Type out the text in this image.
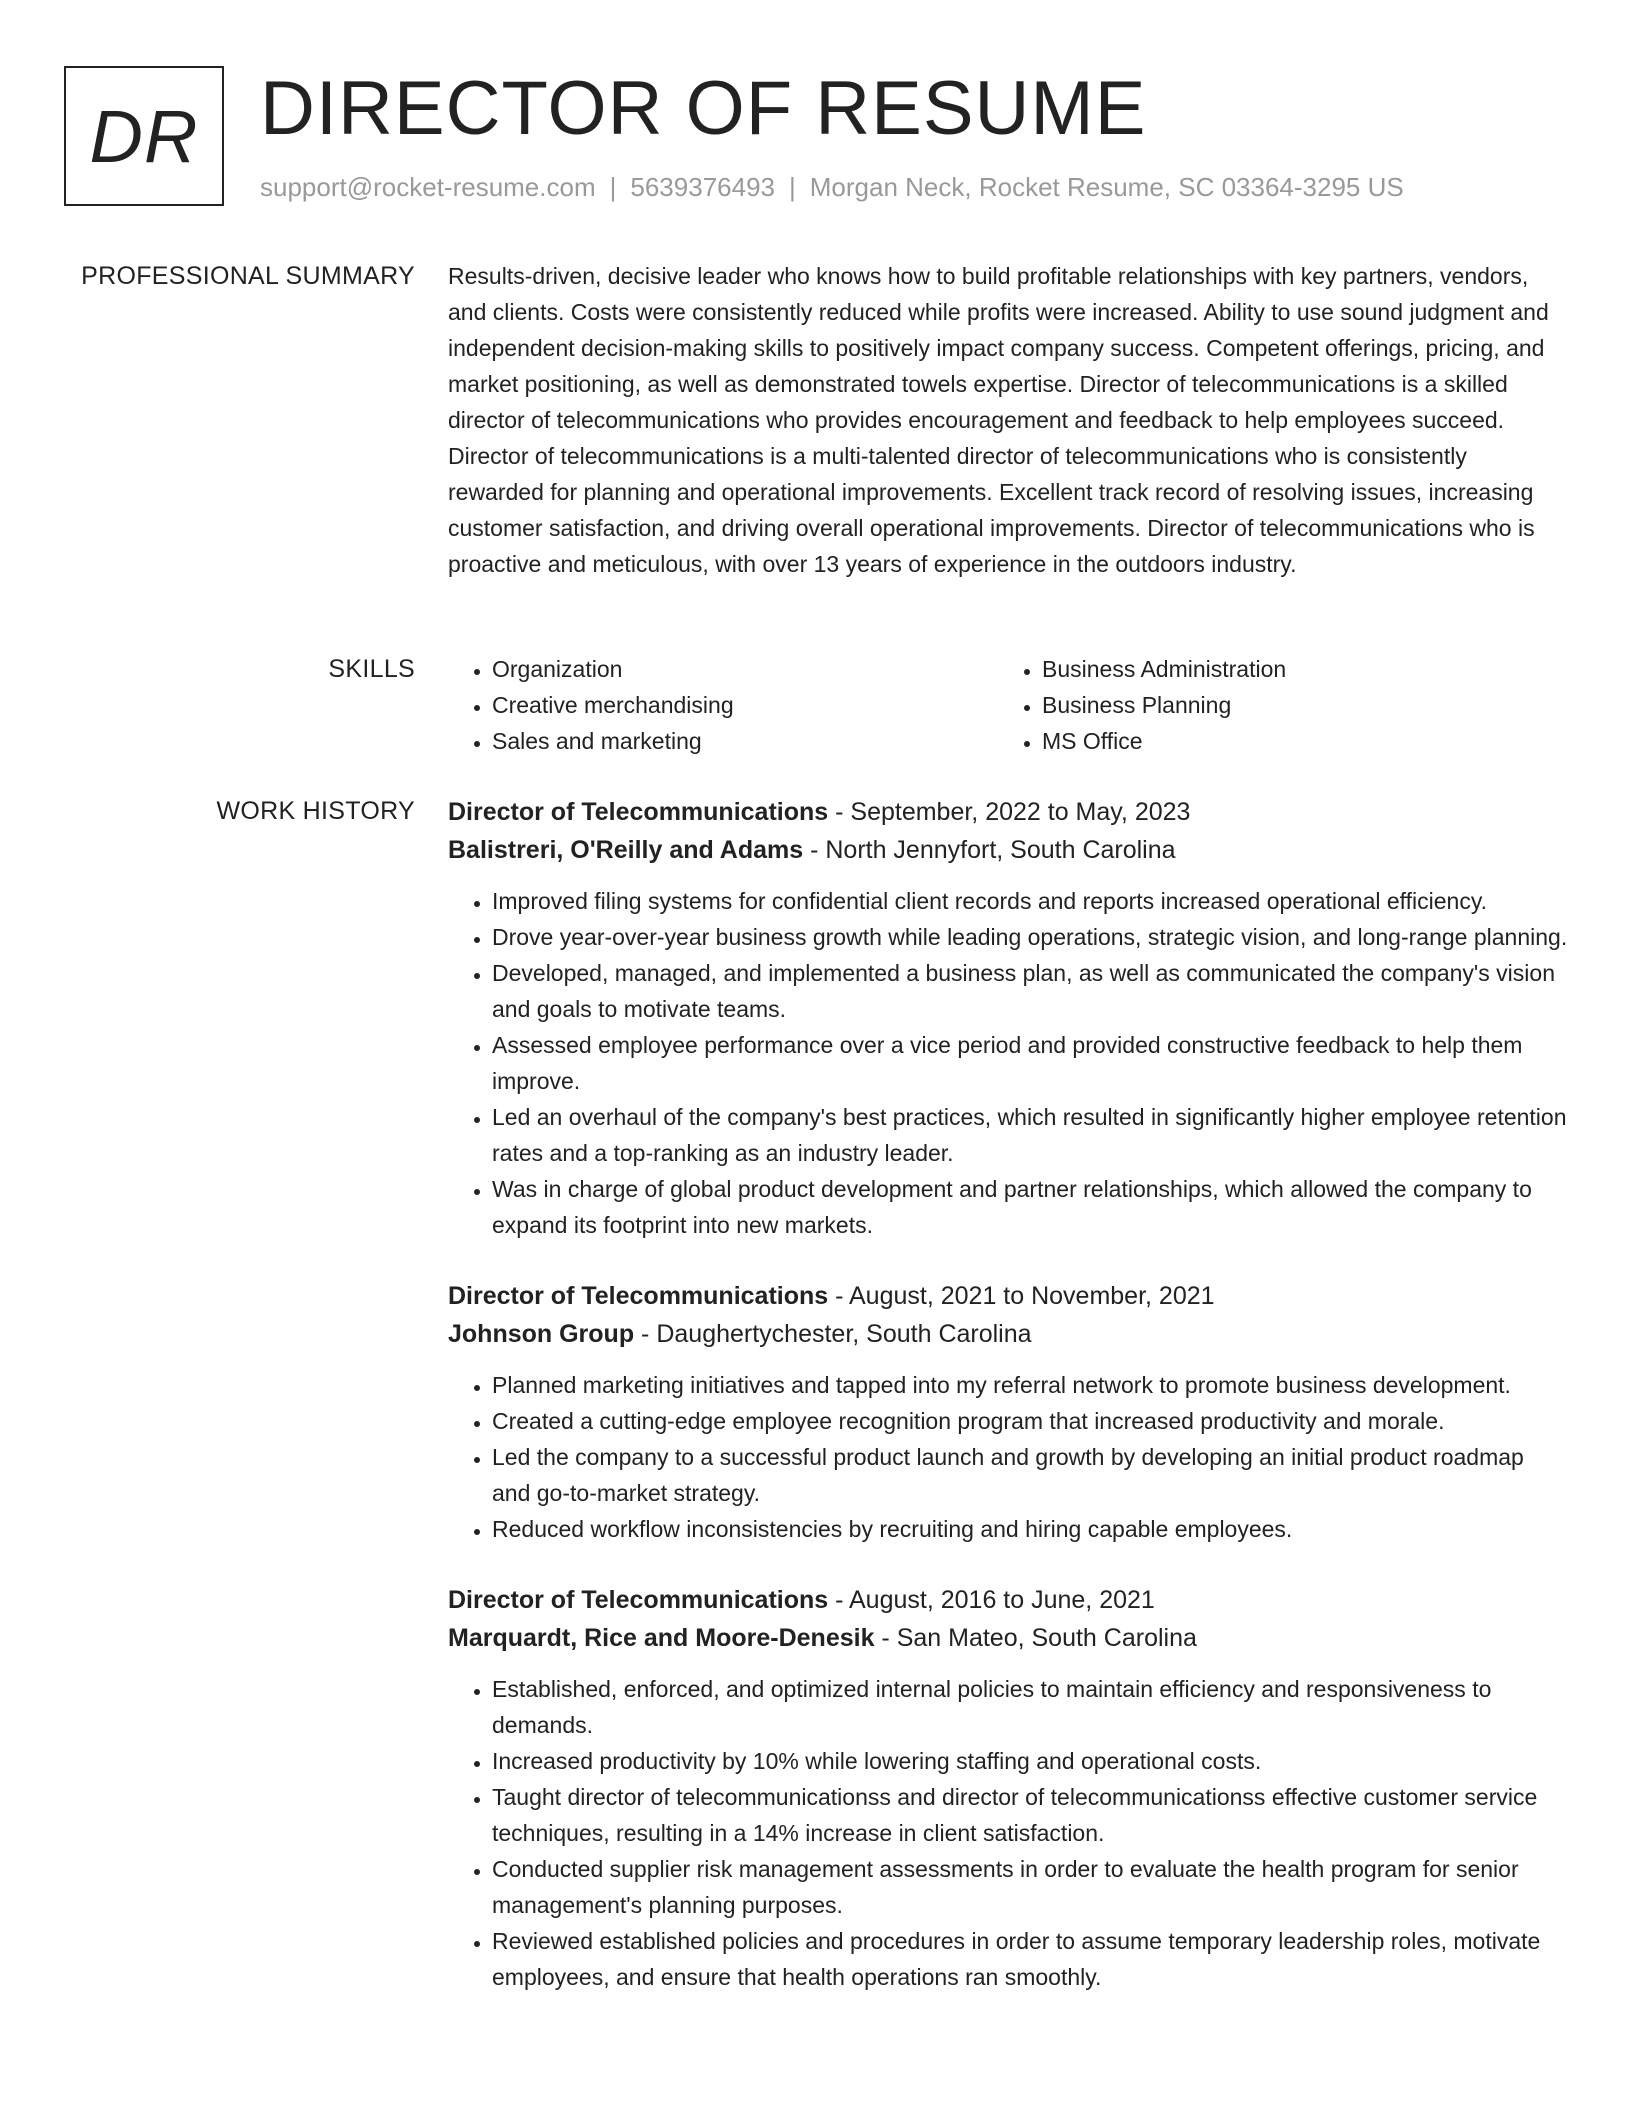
DR DIRECTOR OF RESUME
support@rocket-resume.com | 5639376493 | Morgan Neck, Rocket Resume, SC 03364-3295 US
PROFESSIONAL SUMMARY Results-driven, decisive leader who knows how to build profitable relationships with key partners, vendors, and clients. Costs were consistently reduced while profits were increased. Ability to use sound judgment and independent decision-making skills to positively impact company success. Competent offerings, pricing, and market positioning, as well as demonstrated towels expertise. Director of telecommunications is a skilled director of telecommunications who provides encouragement and feedback to help employees succeed. Director of telecommunications is a multi-talented director of telecommunications who is consistently rewarded for planning and operational improvements. Excellent track record of resolving issues, increasing customer satisfaction, and driving overall operational improvements. Director of telecommunications who is proactive and meticulous, with over 13 years of experience in the outdoors industry.

SKILLS
•	Organization
• Creative merchandising
• Sales and marketing
• Business Administration
• Business Planning
• MS Office
WORK HISTORY Director of Telecommunications - September, 2022 to May, 2023
Balistreri, O'Reilly and Adams - North Jennyfort, South Carolina
• Improved filing systems for confidential client records and reports increased operational efficiency.
• Drove year-over-year business growth while leading operations, strategic vision, and long-range planning.
• Developed, managed, and implemented a business plan, as well as communicated the company's vision and goals to motivate teams.
• Assessed employee performance over a vice period and provided constructive feedback to help them improve.
• Led an overhaul of the company's best practices, which resulted in significantly higher employee retention rates and a top-ranking as an industry leader.
• Was in charge of global product development and partner relationships, which allowed the company to expand its footprint into new markets.
Director of Telecommunications - August, 2021 to November, 2021
Johnson Group - Daughertychester, South Carolina
• Planned marketing initiatives and tapped into my referral network to promote business development.
• Created a cutting-edge employee recognition program that increased productivity and morale.
• Led the company to a successful product launch and growth by developing an initial product roadmap and go-to-market strategy.
• Reduced workflow inconsistencies by recruiting and hiring capable employees.
Director of Telecommunications - August, 2016 to June, 2021
Marquardt, Rice and Moore-Denesik - San Mateo, South Carolina
• Established, enforced, and optimized internal policies to maintain efficiency and responsiveness to demands.
• Increased productivity by 10% while lowering staffing and operational costs.
• Taught director of telecommunicationss and director of telecommunicationss effective customer service techniques, resulting in a 14% increase in client satisfaction.
• Conducted supplier risk management assessments in order to evaluate the health program for senior management's planning purposes.
• Reviewed established policies and procedures in order to assume temporary leadership roles, motivate employees, and ensure that health operations ran smoothly.
